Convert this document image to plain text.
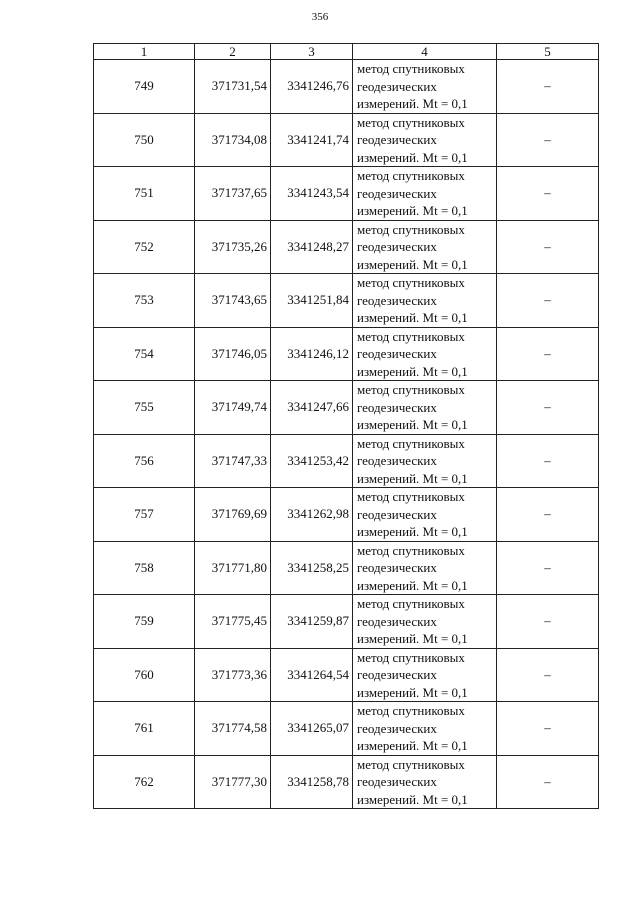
356
1	2	3	4	5
749	371731,54	3341246,76	метод спутниковых
геодезических
измерений. Mt = 0,1	–
750	371734,08	3341241,74	метод спутниковых
геодезических
измерений. Mt = 0,1	–
751	371737,65	3341243,54	метод спутниковых
геодезических
измерений. Mt = 0,1	–
752	371735,26	3341248,27	метод спутниковых
геодезических
измерений. Mt = 0,1	–
753	371743,65	3341251,84	метод спутниковых
геодезических
измерений. Mt = 0,1	–
754	371746,05	3341246,12	метод спутниковых
геодезических
измерений. Mt = 0,1	–
755	371749,74	3341247,66	метод спутниковых
геодезических
измерений. Mt = 0,1	–
756	371747,33	3341253,42	метод спутниковых
геодезических
измерений. Mt = 0,1	–
757	371769,69	3341262,98	метод спутниковых
геодезических
измерений. Mt = 0,1	–
758	371771,80	3341258,25	метод спутниковых
геодезических
измерений. Mt = 0,1	–
759	371775,45	3341259,87	метод спутниковых
геодезических
измерений. Mt = 0,1	–
760	371773,36	3341264,54	метод спутниковых
геодезических
измерений. Mt = 0,1	–
761	371774,58	3341265,07	метод спутниковых
геодезических
измерений. Mt = 0,1	–
762	371777,30	3341258,78	метод спутниковых
геодезических
измерений. Mt = 0,1	–
